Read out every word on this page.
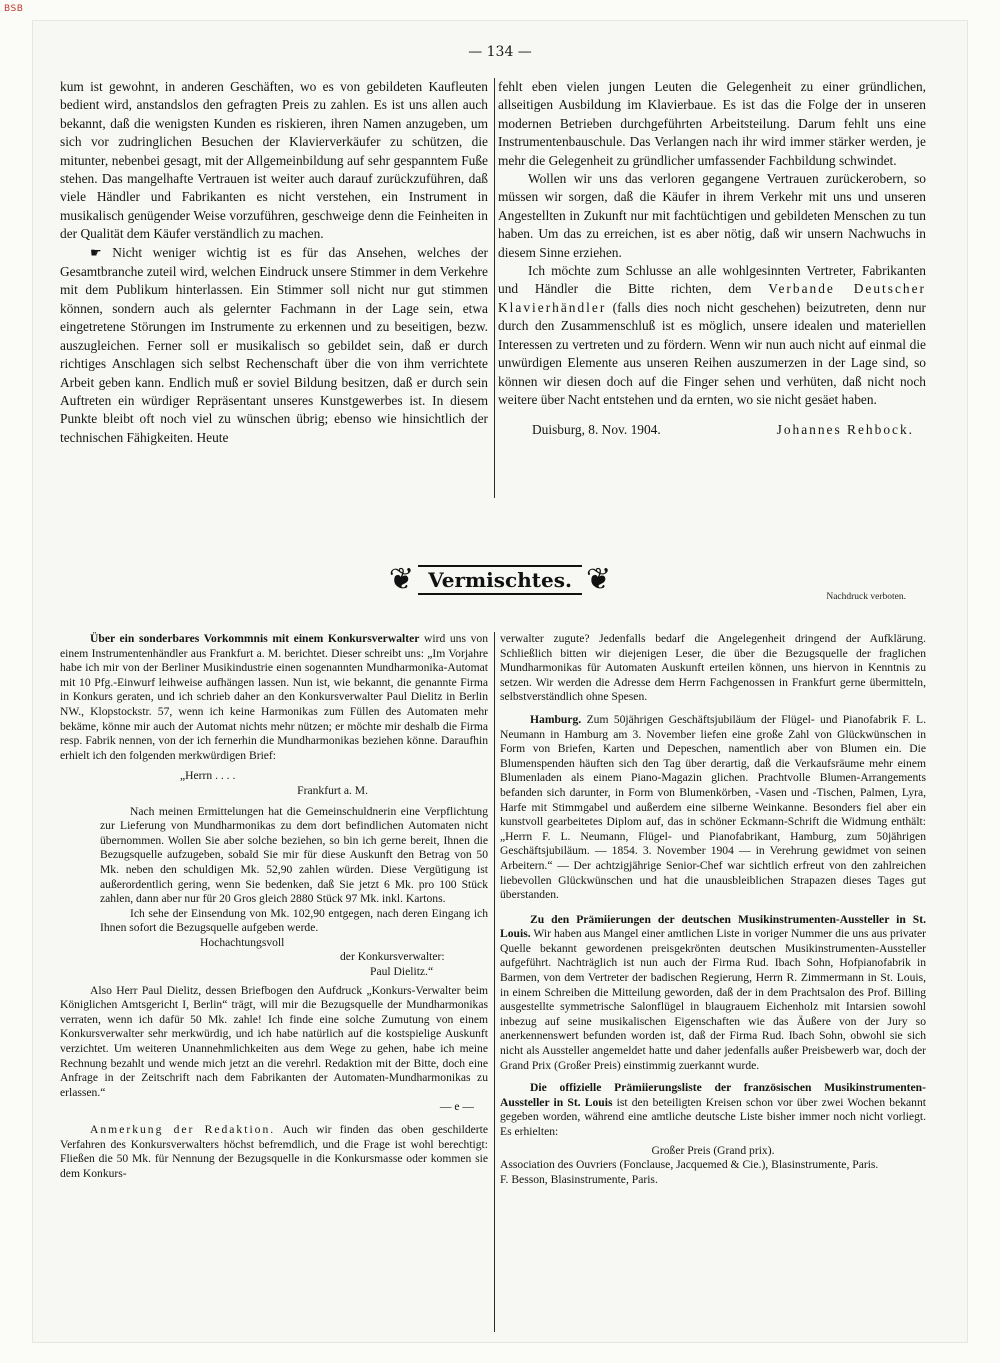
BSB
— 134 —

kum ist gewohnt, in anderen Geschäften, wo es von gebildeten Kaufleuten bedient wird, anstandslos den gefragten Preis zu zahlen. Es ist uns allen auch bekannt, daß die wenigsten Kunden es riskieren, ihren Namen anzugeben, um sich vor zudringlichen Besuchen der Klavierverkäufer zu schützen, die mitunter, nebenbei gesagt, mit der Allgemeinbildung auf sehr gespanntem Fuße stehen. Das mangelhafte Vertrauen ist weiter auch darauf zurückzuführen, daß viele Händler und Fabrikanten es nicht verstehen, ein Instrument in musikalisch genügender Weise vorzuführen, geschweige denn die Feinheiten in der Qualität dem Käufer verständlich zu machen.

☛ Nicht weniger wichtig ist es für das Ansehen, welches der Gesamtbranche zuteil wird, welchen Eindruck unsere Stimmer in dem Verkehre mit dem Publikum hinterlassen. Ein Stimmer soll nicht nur gut stimmen können, sondern auch als gelernter Fachmann in der Lage sein, etwa eingetretene Störungen im Instrumente zu erkennen und zu beseitigen, bezw. auszugleichen. Ferner soll er musikalisch so gebildet sein, daß er durch richtiges Anschlagen sich selbst Rechenschaft über die von ihm verrichtete Arbeit geben kann. Endlich muß er soviel Bildung besitzen, daß er durch sein Auftreten ein würdiger Repräsentant unseres Kunstgewerbes ist. In diesem Punkte bleibt oft noch viel zu wünschen übrig; ebenso wie hinsichtlich der technischen Fähigkeiten. Heute

fehlt eben vielen jungen Leuten die Gelegenheit zu einer gründlichen, allseitigen Ausbildung im Klavierbaue. Es ist das die Folge der in unseren modernen Betrieben durchgeführten Arbeitsteilung. Darum fehlt uns eine Instrumentenbauschule. Das Verlangen nach ihr wird immer stärker werden, je mehr die Gelegenheit zu gründlicher umfassender Fachbildung schwindet.

Wollen wir uns das verloren gegangene Vertrauen zurückerobern, so müssen wir sorgen, daß die Käufer in ihrem Verkehr mit uns und unseren Angestellten in Zukunft nur mit fachtüchtigen und gebildeten Menschen zu tun haben. Um das zu erreichen, ist es aber nötig, daß wir unsern Nachwuchs in diesem Sinne erziehen.

Ich möchte zum Schlusse an alle wohlgesinnten Vertreter, Fabrikanten und Händler die Bitte richten, dem Verbande Deutscher Klavierhändler (falls dies noch nicht geschehen) beizutreten, denn nur durch den Zusammenschluß ist es möglich, unsere idealen und materiellen Interessen zu vertreten und zu fördern. Wenn wir nun auch nicht auf einmal die unwürdigen Elemente aus unseren Reihen auszumerzen in der Lage sind, so können wir diesen doch auf die Finger sehen und verhüten, daß nicht noch weitere über Nacht entstehen und da ernten, wo sie nicht gesäet haben.

Duisburg, 8. Nov. 1904.	Johannes Rehbock.
❦ Vermischtes. ❦	Nachdruck verboten.

Über ein sonderbares Vorkommnis mit einem Konkursverwalter wird uns von einem Instrumentenhändler aus Frankfurt a. M. berichtet. Dieser schreibt uns: „Im Vorjahre habe ich mir von der Berliner Musikindustrie einen sogenannten Mundharmonika-Automat mit 10 Pfg.-Einwurf leihweise aufhängen lassen. Nun ist, wie bekannt, die genannte Firma in Konkurs geraten, und ich schrieb daher an den Konkursverwalter Paul Dielitz in Berlin NW., Klopstockstr. 57, wenn ich keine Harmonikas zum Füllen des Automaten mehr bekäme, könne mir auch der Automat nichts mehr nützen; er möchte mir deshalb die Firma resp. Fabrik nennen, von der ich fernerhin die Mundharmonikas beziehen könne. Daraufhin erhielt ich den folgenden merkwürdigen Brief:

„Herrn . . . .

Frankfurt a. M.

Nach meinen Ermittelungen hat die Gemeinschuldnerin eine Verpflichtung zur Lieferung von Mundharmonikas zu dem dort befindlichen Automaten nicht übernommen. Wollen Sie aber solche beziehen, so bin ich gerne bereit, Ihnen die Bezugsquelle aufzugeben, sobald Sie mir für diese Auskunft den Betrag von 50 Mk. neben den schuldigen Mk. 52,90 zahlen würden. Diese Vergütigung ist außerordentlich gering, wenn Sie bedenken, daß Sie jetzt 6 Mk. pro 100 Stück zahlen, dann aber nur für 20 Gros gleich 2880 Stück 97 Mk. inkl. Kartons.

Ich sehe der Einsendung von Mk. 102,90 entgegen, nach deren Eingang ich Ihnen sofort die Bezugsquelle aufgeben werde.

Hochachtungsvoll

der Konkursverwalter:

Paul Dielitz.“

Also Herr Paul Dielitz, dessen Briefbogen den Aufdruck „Konkurs-Verwalter beim Königlichen Amtsgericht I, Berlin“ trägt, will mir die Bezugsquelle der Mundharmonikas verraten, wenn ich dafür 50 Mk. zahle! Ich finde eine solche Zumutung von einem Konkursverwalter sehr merkwürdig, und ich habe natürlich auf die kostspielige Auskunft verzichtet. Um weiteren Unannehmlichkeiten aus dem Wege zu gehen, habe ich meine Rechnung bezahlt und wende mich jetzt an die verehrl. Redaktion mit der Bitte, doch eine Anfrage in der Zeitschrift nach dem Fabrikanten der Automaten-Mundharmonikas zu erlassen.“

— e —

Anmerkung der Redaktion. Auch wir finden das oben geschilderte Verfahren des Konkursverwalters höchst befremdlich, und die Frage ist wohl berechtigt: Fließen die 50 Mk. für Nennung der Bezugsquelle in die Konkursmasse oder kommen sie dem Konkurs-

verwalter zugute? Jedenfalls bedarf die Angelegenheit dringend der Aufklärung. Schließlich bitten wir diejenigen Leser, die über die Bezugsquelle der fraglichen Mundharmonikas für Automaten Auskunft erteilen können, uns hiervon in Kenntnis zu setzen. Wir werden die Adresse dem Herrn Fachgenossen in Frankfurt gerne übermitteln, selbstverständlich ohne Spesen.

Hamburg. Zum 50jährigen Geschäftsjubiläum der Flügel- und Pianofabrik F. L. Neumann in Hamburg am 3. November liefen eine große Zahl von Glückwünschen in Form von Briefen, Karten und Depeschen, namentlich aber von Blumen ein. Die Blumenspenden häuften sich den Tag über derartig, daß die Verkaufsräume mehr einem Blumenladen als einem Piano-Magazin glichen. Prachtvolle Blumen-Arrangements befanden sich darunter, in Form von Blumenkörben, -Vasen und -Tischen, Palmen, Lyra, Harfe mit Stimmgabel und außerdem eine silberne Weinkanne. Besonders fiel aber ein kunstvoll gearbeitetes Diplom auf, das in schöner Eckmann-Schrift die Widmung enthält: „Herrn F. L. Neumann, Flügel- und Pianofabrikant, Hamburg, zum 50jährigen Geschäftsjubiläum. — 1854. 3. November 1904 — in Verehrung gewidmet von seinen Arbeitern.“ — Der achtzigjährige Senior-Chef war sichtlich erfreut von den zahlreichen liebevollen Glückwünschen und hat die unausbleiblichen Strapazen dieses Tages gut überstanden.

Zu den Prämiierungen der deutschen Musikinstrumenten-Aussteller in St. Louis. Wir haben aus Mangel einer amtlichen Liste in voriger Nummer die uns aus privater Quelle bekannt gewordenen preisgekrönten deutschen Musikinstrumenten-Aussteller aufgeführt. Nachträglich ist nun auch der Firma Rud. Ibach Sohn, Hofpianofabrik in Barmen, von dem Vertreter der badischen Regierung, Herrn R. Zimmermann in St. Louis, in einem Schreiben die Mitteilung geworden, daß der in dem Prachtsalon des Prof. Billing ausgestellte symmetrische Salonflügel in blaugrauem Eichenholz mit Intarsien sowohl inbezug auf seine musikalischen Eigenschaften wie das Äußere von der Jury so anerkennenswert befunden worden ist, daß der Firma Rud. Ibach Sohn, obwohl sie sich nicht als Aussteller angemeldet hatte und daher jedenfalls außer Preisbewerb war, doch der Grand Prix (Großer Preis) einstimmig zuerkannt wurde.

Die offizielle Prämiierungsliste der französischen Musikinstrumenten-Aussteller in St. Louis ist den beteiligten Kreisen schon vor über zwei Wochen bekannt gegeben worden, während eine amtliche deutsche Liste bisher immer noch nicht vorliegt. Es erhielten:

Großer Preis (Grand prix).

Association des Ouvriers (Fonclause, Jacquemed & Cie.), Blasinstrumente, Paris.

F. Besson, Blasinstrumente, Paris.
